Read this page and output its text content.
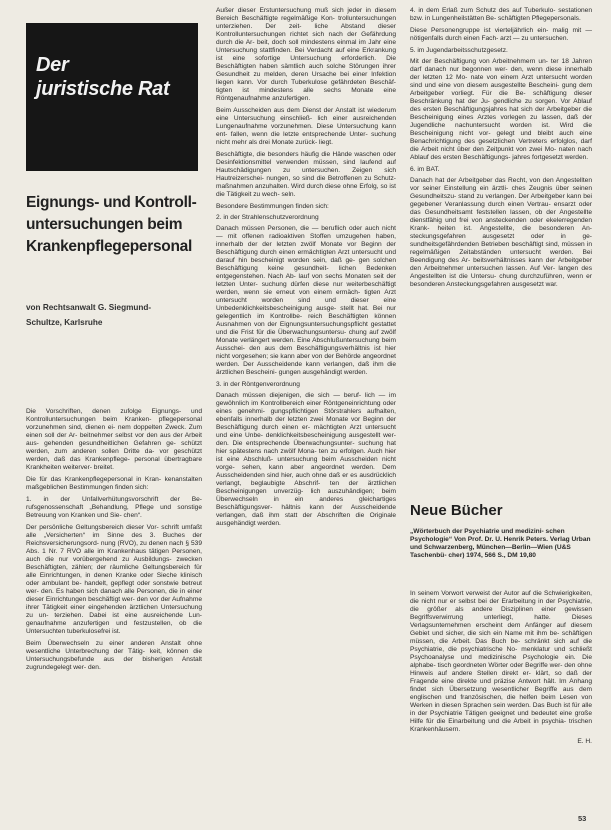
Der
juristische Rat
Eignungs- und Kontroll- untersuchungen beim Krankenpflegepersonal
von Rechtsanwalt G. Siegmund-
Schultze, Karlsruhe

Die Vorschriften, denen zufolge Eignungs- und Kontrolluntersuchungen beim Kranken- pflegepersonal vorzunehmen sind, dienen ei- nem doppelten Zweck. Zum einen soll der Ar- beitnehmer selbst vor den aus der Arbeit aus- gehenden gesundheitlichen Gefahren ge- schützt werden, zum anderen sollen Dritte da- vor geschützt werden, daß das Krankenpflege- personal übertragbare Krankheiten weiterver- breitet.

Die für das Krankenpflegepersonal in Kran- kenanstalten maßgeblichen Bestimmungen finden sich:

1. in der Unfallverhütungsvorschrift der Be- rufsgenossenschaft „Behandlung, Pflege und sonstige Betreuung von Kranken und Sie- chen“.

Der persönliche Geltungsbereich dieser Vor- schrift umfaßt alle „Versicherten“ im Sinne des 3. Buches der Reichsversicherungsord- nung (RVO), zu denen nach § 539 Abs. 1 Nr. 7 RVO alle im Krankenhaus tätigen Personen, auch die nur vorübergehend zu Ausbildungs- zwecken Beschäftigten, zählen; der räumliche Geltungsbereich für alle Einrichtungen, in denen Kranke oder Sieche klinisch oder ambulant be- handelt, gepflegt oder sonstwie betreut wer- den. Es haben sich danach alle Personen, die in einer dieser Einrichtungen beschäftigt wer- den vor der Aufnahme ihrer Tätigkeit einer eingehenden ärztlichen Untersuchung zu un- terziehen. Dabei ist eine ausreichende Lun- genaufnahme anzufertigen und festzustellen, ob die Untersuchten tuberkulosefrei ist.

Beim Überwechseln zu einer anderen Anstalt ohne wesentliche Unterbrechung der Tätig- keit, können die Untersuchungsbefunde aus der bisherigen Anstalt zugrundegelegt wer- den.

Außer dieser Erstuntersuchung muß sich jeder in diesem Bereich Beschäftigte regelmäßige Kon- trolluntersuchungen unterziehen. Der zeit- liche Abstand dieser Kontrolluntersuchungen richtet sich nach der Gefährdung durch die Ar- beit, doch soll mindestens einmal im Jahr eine Untersuchung stattfinden. Bei Verdacht auf eine Erkrankung ist eine sofortige Untersuchung erforderlich. Die Beschäftigten haben sämtlich auch solche Störungen ihrer Gesundheit zu melden, deren Ursache bei einer Infektion liegen kann. Vor durch Tuberkulose gefährdeten Beschäf- tigten ist mindestens alle sechs Monate eine Röntgenaufnahme anzufertigen.

Beim Ausscheiden aus dem Dienst der Anstalt ist wiederum eine Untersuchung einschließ- lich einer ausreichenden Lungenaufnahme vorzunehmen. Diese Untersuchung kann ent- fallen, wenn die letzte entsprechende Unter- suchung nicht mehr als drei Monate zurück- liegt.

Beschäftigte, die besonders häufig die Hände waschen oder Desinfektionsmittel verwenden müssen, sind laufend auf Hautschädigungen zu untersuchen. Zeigen sich Hautreizerschei- nungen, so sind die Betroffenen zu Schutz- maßnahmen anzuhalten. Wird durch diese ohne Erfolg, so ist die Tätigkeit zu wech- seln.

Besondere Bestimmungen finden sich:

2. in der Strahlenschutzverordnung

Danach müssen Personen, die — beruflich oder auch nicht — mit offenen radioaktiven Stoffen umzugehen haben, innerhalb der der letzten zwölf Monate vor Beginn der Beschäftigung durch einen ermächtigten Arzt untersucht und darauf hin bescheinigt worden sein, daß ge- gen solchen Beschäftigung keine gesundheit- lichen Bedenken entgegenstehen. Nach Ab- lauf von sechs Monaten seit der letzten Unter- suchung dürfen diese nur weiterbeschäftigt werden, wenn sie erneut von einem ermäch- tigten Arzt untersucht worden sind und dieser eine Unbedenklichkeitsbescheinigung ausge- stellt hat. Bei nur gelegentlich im Kontrollbe- reich Beschäftigten können Ausnahmen von der Eignungsuntersuchungspflicht gestattet und die Frist für die Überwachungsuntersu- chung auf zwölf Monate verlängert werden. Eine Abschlußuntersuchung beim Ausschei- den aus dem Beschäftigungsverhältnis ist hier nicht vorgesehen; sie kann aber von der Behörde angeordnet werden. Der Ausscheidende kann verlangen, daß ihm die ärztlichen Bescheini- gungen ausgehändigt werden.

3. in der Röntgenverordnung

Danach müssen diejenigen, die sich — beruf- lich — im gewöhnlich im Kontrollbereich einer Röntgeneinrichtung oder eines genehmi- gungspflichtigen Störstrahlers aufhalten, ebenfalls innerhalb der letzten zwei Monate vor Beginn der Beschäftigung durch einen er- mächtigten Arzt untersucht und eine Unbe- denklichkeitsbescheinigung ausgestellt wer- den. Die entsprechende Überwachungsunter- suchung hat hier spätestens nach zwölf Mona- ten zu erfolgen. Auch hier ist eine Abschluß- untersuchung beim Ausscheiden nicht vorge- sehen, kann aber angeordnet werden. Dem Ausscheidenden sind hier, auch ohne daß er es ausdrücklich verlangt, beglaubigte Abschrif- ten der ärztlichen Bescheinigungen unverzüg- lich auszuhändigen; beim Überwechseln in ein anderes gleichartiges Beschäftigungsver- hältnis kann der Ausscheidende verlangen, daß ihm statt der Abschriften die Originale ausgehändigt werden.

4. in dem Erlaß zum Schutz des auf Tuberkulo- sestationen bzw. in Lungenheilstätten Be- schäftigten Pflegepersonals.

Diese Personengruppe ist vierteljährlich ein- malig mit — nötigenfalls durch einen Fach- arzt — zu untersuchen.

5. im Jugendarbeitsschutzgesetz.

Mit der Beschäftigung von Arbeitnehmern un- ter 18 Jahren darf danach nur begonnen wer- den, wenn diese innerhalb der letzten 12 Mo- nate von einem Arzt untersucht worden sind und eine von diesem ausgestellte Bescheini- gung dem Arbeitgeber vorliegt. Für die Be- schäftigung dieser Beschränkung hat der Ju- gendliche zu sorgen. Vor Ablauf des ersten Beschäftigungsjahres hat sich der Arbeitgeber die Bescheinigung eines Arztes vorlegen zu lassen, daß der Jugendliche nachuntersucht worden ist. Wird die Bescheinigung nicht vor- gelegt und bleibt auch eine Benachrichtigung des gesetzlichen Vertreters erfolglos, darf die Arbeit nicht über den Zeitpunkt von zwei Mo- naten nach Ablauf des ersten Beschäftigungs- jahres fortgesetzt werden.

6. im BAT.

Danach hat der Arbeitgeber das Recht, von den Angestellten vor seiner Einstellung ein ärztli- ches Zeugnis über seinen Gesundheitszu- stand zu verlangen. Der Arbeitgeber kann bei gegebener Veranlassung durch einen Vertrau- ensarzt oder das Gesundheitsamt feststellen lassen, ob der Angestellte dienstfähig und frei von ansteckenden oder ekelerregenden Krank- heiten ist. Angestellte, die besonderen An- steckungsgefahren ausgesetzt oder in ge- sundheitsgefährdenden Betrieben beschäftigt sind, müssen in regelmäßigen Zeitabständen untersucht werden. Bei Beendigung des Ar- beitsverhältnisses kann der Arbeitgeber den Arbeitnehmer untersuchen lassen. Auf Ver- langen des Angestellten ist die Untersu- chung durchzuführen, wenn er besonderen Ansteckungsgefahren ausgesetzt war.

Neue Bücher
„Wörterbuch der Psychiatrie und medizini- schen Psychologie“ Von Prof. Dr. U. Henrik Peters. Verlag Urban und Schwarzenberg, München—Berlin—Wien (U&S Taschenbü- cher) 1974, 566 S., DM 19,80

In seinem Vorwort verweist der Autor auf die Schwierigkeiten, die nicht nur er selbst bei der Erarbeitung in der Psychiatrie, die größer als andere Disziplinen einer gewissen Begriffsverwirrung unterliegt, hatte. Dieses Verlagsunternehmen erscheint dem Anfänger auf diesem Gebiet und sicher, die sich ein Name mit ihm be- schäftigen müssen, die Arbeit. Das Buch be- schränkt sich auf die Psychiatrie, die psychiatrische No- menklatur und schließt Psychoanalyse und medizinische Psychologie ein. Die alphabe- tisch geordneten Wörter oder Begriffe wer- den ohne Hinweis auf andere Stellen direkt er- klärt, so daß der Fragende eine direkte und präzise Antwort hält. Im Anhang findet sich Übersetzung wesentlicher Begriffe aus dem englischen und französischen, die helfen beim Lesen von Werken in diesen Sprachen sein werden. Das Buch ist für alle in der Psychiatrie Tätigen geeignet und bedeutet eine große Hilfe für die Einarbeitung und die Arbeit in psychia- trischen Krankenhäusern.

E. H.

53
